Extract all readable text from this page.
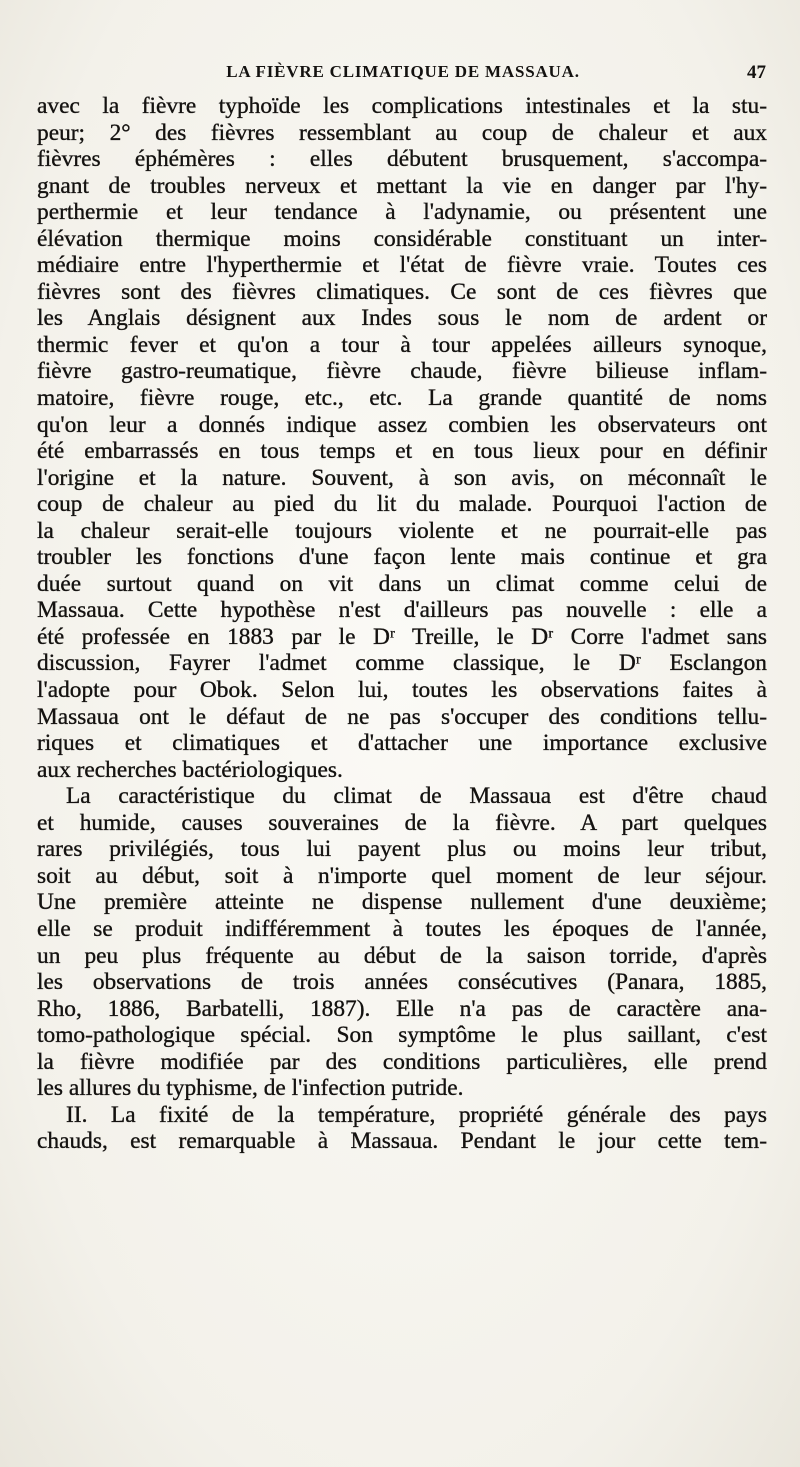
LA FIÈVRE CLIMATIQUE DE MASSAUA.	47
avec la fièvre typhoïde les complications intestinales et la stu-
peur; 2° des fièvres ressemblant au coup de chaleur et aux
fièvres éphémères : elles débutent brusquement, s'accompa-
gnant de troubles nerveux et mettant la vie en danger par l'hy-
perthermie et leur tendance à l'adynamie, ou présentent une
élévation thermique moins considérable constituant un inter-
médiaire entre l'hyperthermie et l'état de fièvre vraie. Toutes ces
fièvres sont des fièvres climatiques. Ce sont de ces fièvres que
les Anglais désignent aux Indes sous le nom de ardent or
thermic fever et qu'on a tour à tour appelées ailleurs synoque,
fièvre gastro-reumatique, fièvre chaude, fièvre bilieuse inflam-
matoire, fièvre rouge, etc., etc. La grande quantité de noms
qu'on leur a donnés indique assez combien les observateurs ont
été embarrassés en tous temps et en tous lieux pour en définir
l'origine et la nature. Souvent, à son avis, on méconnaît le
coup de chaleur au pied du lit du malade. Pourquoi l'action de
la chaleur serait-elle toujours violente et ne pourrait-elle pas
troubler les fonctions d'une façon lente mais continue et gra
duée surtout quand on vit dans un climat comme celui de
Massaua. Cette hypothèse n'est d'ailleurs pas nouvelle : elle a
été professée en 1883 par le Dʳ Treille, le Dʳ Corre l'admet sans
discussion, Fayrer l'admet comme classique, le Dʳ Esclangon
l'adopte pour Obok. Selon lui, toutes les observations faites à
Massaua ont le défaut de ne pas s'occuper des conditions tellu-
riques et climatiques et d'attacher une importance exclusive
aux recherches bactériologiques.
La caractéristique du climat de Massaua est d'être chaud
et humide, causes souveraines de la fièvre. A part quelques
rares privilégiés, tous lui payent plus ou moins leur tribut,
soit au début, soit à n'importe quel moment de leur séjour.
Une première atteinte ne dispense nullement d'une deuxième;
elle se produit indifféremment à toutes les époques de l'année,
un peu plus fréquente au début de la saison torride, d'après
les observations de trois années consécutives (Panara, 1885,
Rho, 1886, Barbatelli, 1887). Elle n'a pas de caractère ana-
tomo-pathologique spécial. Son symptôme le plus saillant, c'est
la fièvre modifiée par des conditions particulières, elle prend
les allures du typhisme, de l'infection putride.
II. La fixité de la température, propriété générale des pays
chauds, est remarquable à Massaua. Pendant le jour cette tem-
